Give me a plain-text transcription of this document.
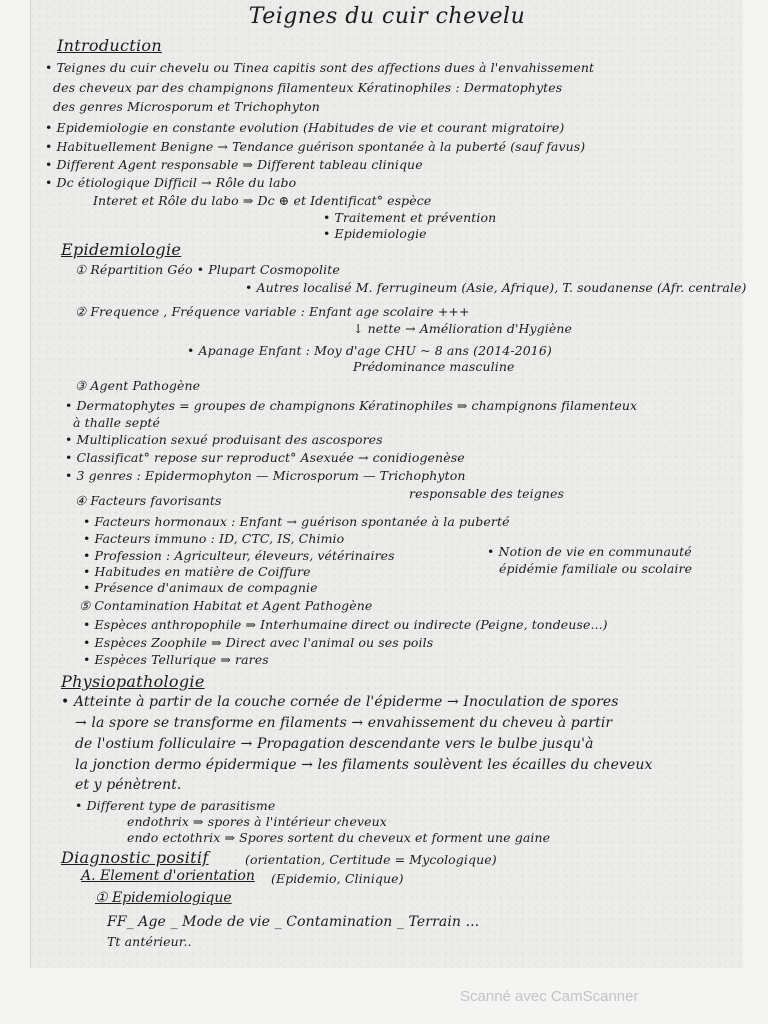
Teignes du cuir chevelu
Introduction
• Teignes du cuir chevelu ou Tinea capitis sont des affections dues à l'envahissement
des cheveux par des champignons filamenteux Kératinophiles : Dermatophytes
des genres Microsporum et Trichophyton
• Epidemiologie en constante evolution (Habitudes de vie et courant migratoire)
• Habituellement Benigne → Tendance guérison spontanée à la puberté (sauf favus)
• Different Agent responsable ⇒ Different tableau clinique
• Dc étiologique Difficil → Rôle du labo
Interet et Rôle du labo ⇒ Dc ⊕ et Identificat° espèce
• Traitement et prévention
• Epidemiologie
Epidemiologie
① Répartition Géo • Plupart Cosmopolite
• Autres localisé M. ferrugineum (Asie, Afrique), T. soudanense (Afr. centrale)
② Frequence , Fréquence variable : Enfant age scolaire +++
↓ nette → Amélioration d'Hygiène
• Apanage Enfant : Moy d'age CHU ~ 8 ans (2014-2016)
Prédominance masculine
③ Agent Pathogène
• Dermatophytes = groupes de champignons Kératinophiles ⇒ champignons filamenteux
à thalle septé
• Multiplication sexué produisant des ascospores
• Classificat° repose sur reproduct° Asexuée → conidiogenèse
• 3 genres : Epidermophyton — Microsporum — Trichophyton
responsable des teignes
④ Facteurs favorisants
• Facteurs hormonaux : Enfant → guérison spontanée à la puberté
• Facteurs immuno : ID, CTC, IS, Chimio
• Profession : Agriculteur, éleveurs, vétérinaires
• Habitudes en matière de Coiffure
• Présence d'animaux de compagnie
• Notion de vie en communauté
épidémie familiale ou scolaire
⑤ Contamination Habitat et Agent Pathogène
• Espèces anthropophile ⇒ Interhumaine direct ou indirecte (Peigne, tondeuse...)
• Espèces Zoophile ⇒ Direct avec l'animal ou ses poils
• Espèces Tellurique ⇒ rares
Physiopathologie
• Atteinte à partir de la couche cornée de l'épiderme → Inoculation de spores
→ la spore se transforme en filaments → envahissement du cheveu à partir
de l'ostium folliculaire → Propagation descendante vers le bulbe jusqu'à
la jonction dermo épidermique → les filaments soulèvent les écailles du cheveux
et y pénètrent.
• Different type de parasitisme
endothrix ⇒ spores à l'intérieur cheveux
endo ectothrix ⇒ Spores sortent du cheveux et forment une gaine
Diagnostic positif	(orientation, Certitude = Mycologique)
A. Element d'orientation (Epidemio, Clinique)
① Epidemiologique
FF_ Age _ Mode de vie _ Contamination _ Terrain ...
Tt antérieur..
Scanné avec CamScanner
